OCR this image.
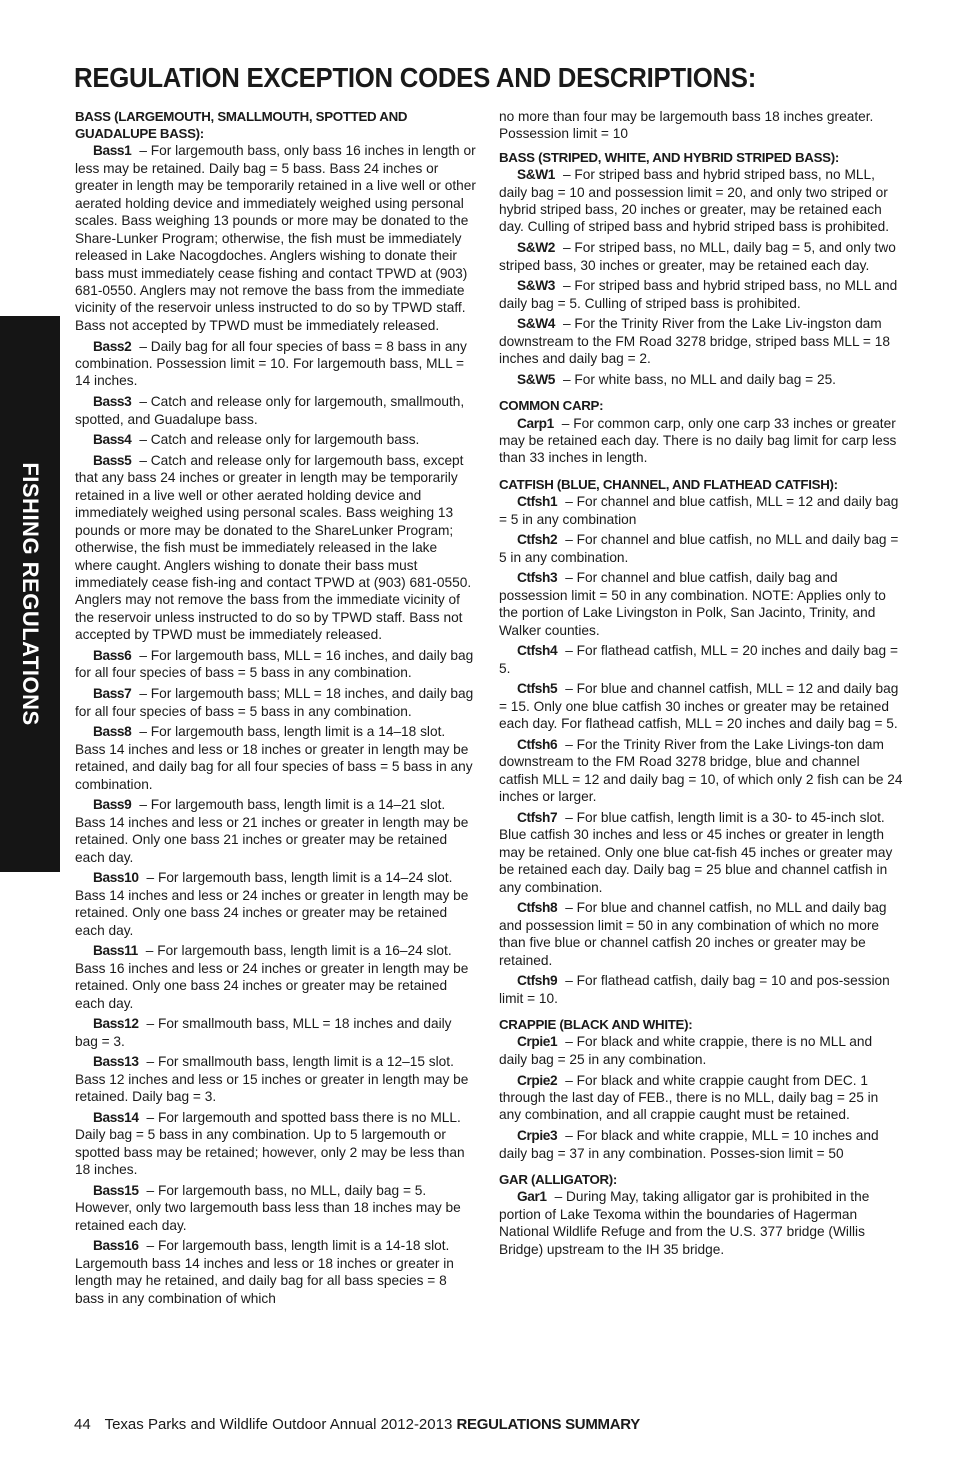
FISHING REGULATIONS
REGULATION EXCEPTION CODES AND DESCRIPTIONS:

BASS (LARGEMOUTH, SMALLMOUTH, SPOTTED AND GUADALUPE BASS):

Bass1 – For largemouth bass, only bass 16 inches in length or less may be retained. Daily bag = 5 bass. Bass 24 inches or greater in length may be temporarily retained in a live well or other aerated holding device and immediately weighed using personal scales. Bass weighing 13 pounds or more may be donated to the Share-Lunker Program; otherwise, the fish must be immediately released in Lake Nacogdoches. Anglers wishing to donate their bass must immediately cease fishing and contact TPWD at (903) 681-0550. Anglers may not remove the bass from the immediate vicinity of the reservoir unless instructed to do so by TPWD staff. Bass not accepted by TPWD must be immediately released.

Bass2 – Daily bag for all four species of bass = 8 bass in any combination. Possession limit = 10. For largemouth bass, MLL = 14 inches.

Bass3 – Catch and release only for largemouth, smallmouth, spotted, and Guadalupe bass.

Bass4 – Catch and release only for largemouth bass.

Bass5 – Catch and release only for largemouth bass, except that any bass 24 inches or greater in length may be temporarily retained in a live well or other aerated holding device and immediately weighed using personal scales. Bass weighing 13 pounds or more may be donated to the ShareLunker Program; otherwise, the fish must be immediately released in the lake where caught. Anglers wishing to donate their bass must immediately cease fish-ing and contact TPWD at (903) 681-0550. Anglers may not remove the bass from the immediate vicinity of the reservoir unless instructed to do so by TPWD staff. Bass not accepted by TPWD must be immediately released.

Bass6 – For largemouth bass, MLL = 16 inches, and daily bag for all four species of bass = 5 bass in any combination.

Bass7 – For largemouth bass; MLL = 18 inches, and daily bag for all four species of bass = 5 bass in any combination.

Bass8 – For largemouth bass, length limit is a 14–18 slot. Bass 14 inches and less or 18 inches or greater in length may be retained, and daily bag for all four species of bass = 5 bass in any combination.

Bass9 – For largemouth bass, length limit is a 14–21 slot. Bass 14 inches and less or 21 inches or greater in length may be retained. Only one bass 21 inches or greater may be retained each day.

Bass10 – For largemouth bass, length limit is a 14–24 slot. Bass 14 inches and less or 24 inches or greater in length may be retained. Only one bass 24 inches or greater may be retained each day.

Bass11 – For largemouth bass, length limit is a 16–24 slot. Bass 16 inches and less or 24 inches or greater in length may be retained. Only one bass 24 inches or greater may be retained each day.

Bass12 – For smallmouth bass, MLL = 18 inches and daily bag = 3.

Bass13 – For smallmouth bass, length limit is a 12–15 slot. Bass 12 inches and less or 15 inches or greater in length may be retained. Daily bag = 3.

Bass14 – For largemouth and spotted bass there is no MLL. Daily bag = 5 bass in any combination. Up to 5 largemouth or spotted bass may be retained; however, only 2 may be less than 18 inches.

Bass15 – For largemouth bass, no MLL, daily bag = 5. However, only two largemouth bass less than 18 inches may be retained each day.

Bass16 – For largemouth bass, length limit is a 14-18 slot. Largemouth bass 14 inches and less or 18 inches or greater in length may he retained, and daily bag for all bass species = 8 bass in any combination of which

no more than four may be largemouth bass 18 inches greater. Possession limit = 10

BASS (STRIPED, WHITE, AND HYBRID STRIPED BASS):

S&W1 – For striped bass and hybrid striped bass, no MLL, daily bag = 10 and possession limit = 20, and only two striped or hybrid striped bass, 20 inches or greater, may be retained each day. Culling of striped bass and hybrid striped bass is prohibited.

S&W2 – For striped bass, no MLL, daily bag = 5, and only two striped bass, 30 inches or greater, may be retained each day.

S&W3 – For striped bass and hybrid striped bass, no MLL and daily bag = 5. Culling of striped bass is prohibited.

S&W4 – For the Trinity River from the Lake Liv-ingston dam downstream to the FM Road 3278 bridge, striped bass MLL = 18 inches and daily bag = 2.

S&W5 – For white bass, no MLL and daily bag = 25.

COMMON CARP:

Carp1 – For common carp, only one carp 33 inches or greater may be retained each day. There is no daily bag limit for carp less than 33 inches in length.

CATFISH (BLUE, CHANNEL, AND FLATHEAD CATFISH):

Ctfsh1 – For channel and blue catfish, MLL = 12 and daily bag = 5 in any combination

Ctfsh2 – For channel and blue catfish, no MLL and daily bag = 5 in any combination.

Ctfsh3 – For channel and blue catfish, daily bag and possession limit = 50 in any combination. NOTE: Applies only to the portion of Lake Livingston in Polk, San Jacinto, Trinity, and Walker counties.

Ctfsh4 – For flathead catfish, MLL = 20 inches and daily bag = 5.

Ctfsh5 – For blue and channel catfish, MLL = 12 and daily bag = 15. Only one blue catfish 30 inches or greater may be retained each day. For flathead catfish, MLL = 20 inches and daily bag = 5.

Ctfsh6 – For the Trinity River from the Lake Livings-ton dam downstream to the FM Road 3278 bridge, blue and channel catfish MLL = 12 and daily bag = 10, of which only 2 fish can be 24 inches or larger.

Ctfsh7 – For blue catfish, length limit is a 30- to 45-inch slot. Blue catfish 30 inches and less or 45 inches or greater in length may be retained. Only one blue cat-fish 45 inches or greater may be retained each day. Daily bag = 25 blue and channel catfish in any combination.

Ctfsh8 – For blue and channel catfish, no MLL and daily bag and possession limit = 50 in any combination of which no more than five blue or channel catfish 20 inches or greater may be retained.

Ctfsh9 – For flathead catfish, daily bag = 10 and pos-session limit = 10.

CRAPPIE (BLACK AND WHITE):

Crpie1 – For black and white crappie, there is no MLL and daily bag = 25 in any combination.

Crpie2 – For black and white crappie caught from DEC. 1 through the last day of FEB., there is no MLL, daily bag = 25 in any combination, and all crappie caught must be retained.

Crpie3 – For black and white crappie, MLL = 10 inches and daily bag = 37 in any combination. Posses-sion limit = 50

GAR (ALLIGATOR):

Gar1 – During May, taking alligator gar is prohibited in the portion of Lake Texoma within the boundaries of Hagerman National Wildlife Refuge and from the U.S. 377 bridge (Willis Bridge) upstream to the IH 35 bridge.

44 Texas Parks and Wildlife Outdoor Annual 2012-2013 REGULATIONS SUMMARY
